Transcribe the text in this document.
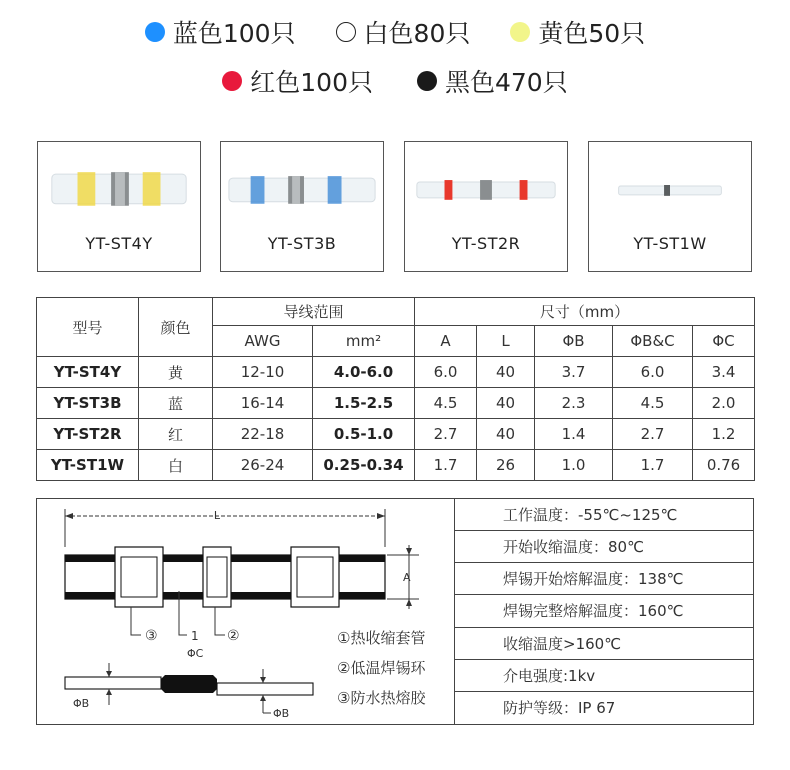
蓝色100只	白色80只	黄色50只
红色100只	黑色470只
YT-ST4Y	YT-ST3B	YT-ST2R	YT-ST1W
型号	颜色	导线范围		尺寸（mm）				
		AWG	mm²	A	L	ΦB	ΦB&C	ΦC
YT-ST4Y	黄	12-10	4.0-6.0	6.0	40	3.7	6.0	3.4
YT-ST3B	蓝	16-14	1.5-2.5	4.5	40	2.3	4.5	2.0
YT-ST2R	红	22-18	0.5-1.0	2.7	40	1.4	2.7	1.2
YT-ST1W	白	26-24	0.25-0.34	1.7	26	1.0	1.7	0.76
L
A
③	1 ②
ΦC
ΦB
ΦB
①热收缩套管
②低温焊锡环
③防水热熔胶
工作温度：-55℃~125℃
开始收缩温度：80℃
焊锡开始熔解温度：138℃
焊锡完整熔解温度：160℃
收缩温度>160℃
介电强度:1kv
防护等级：IP 67
